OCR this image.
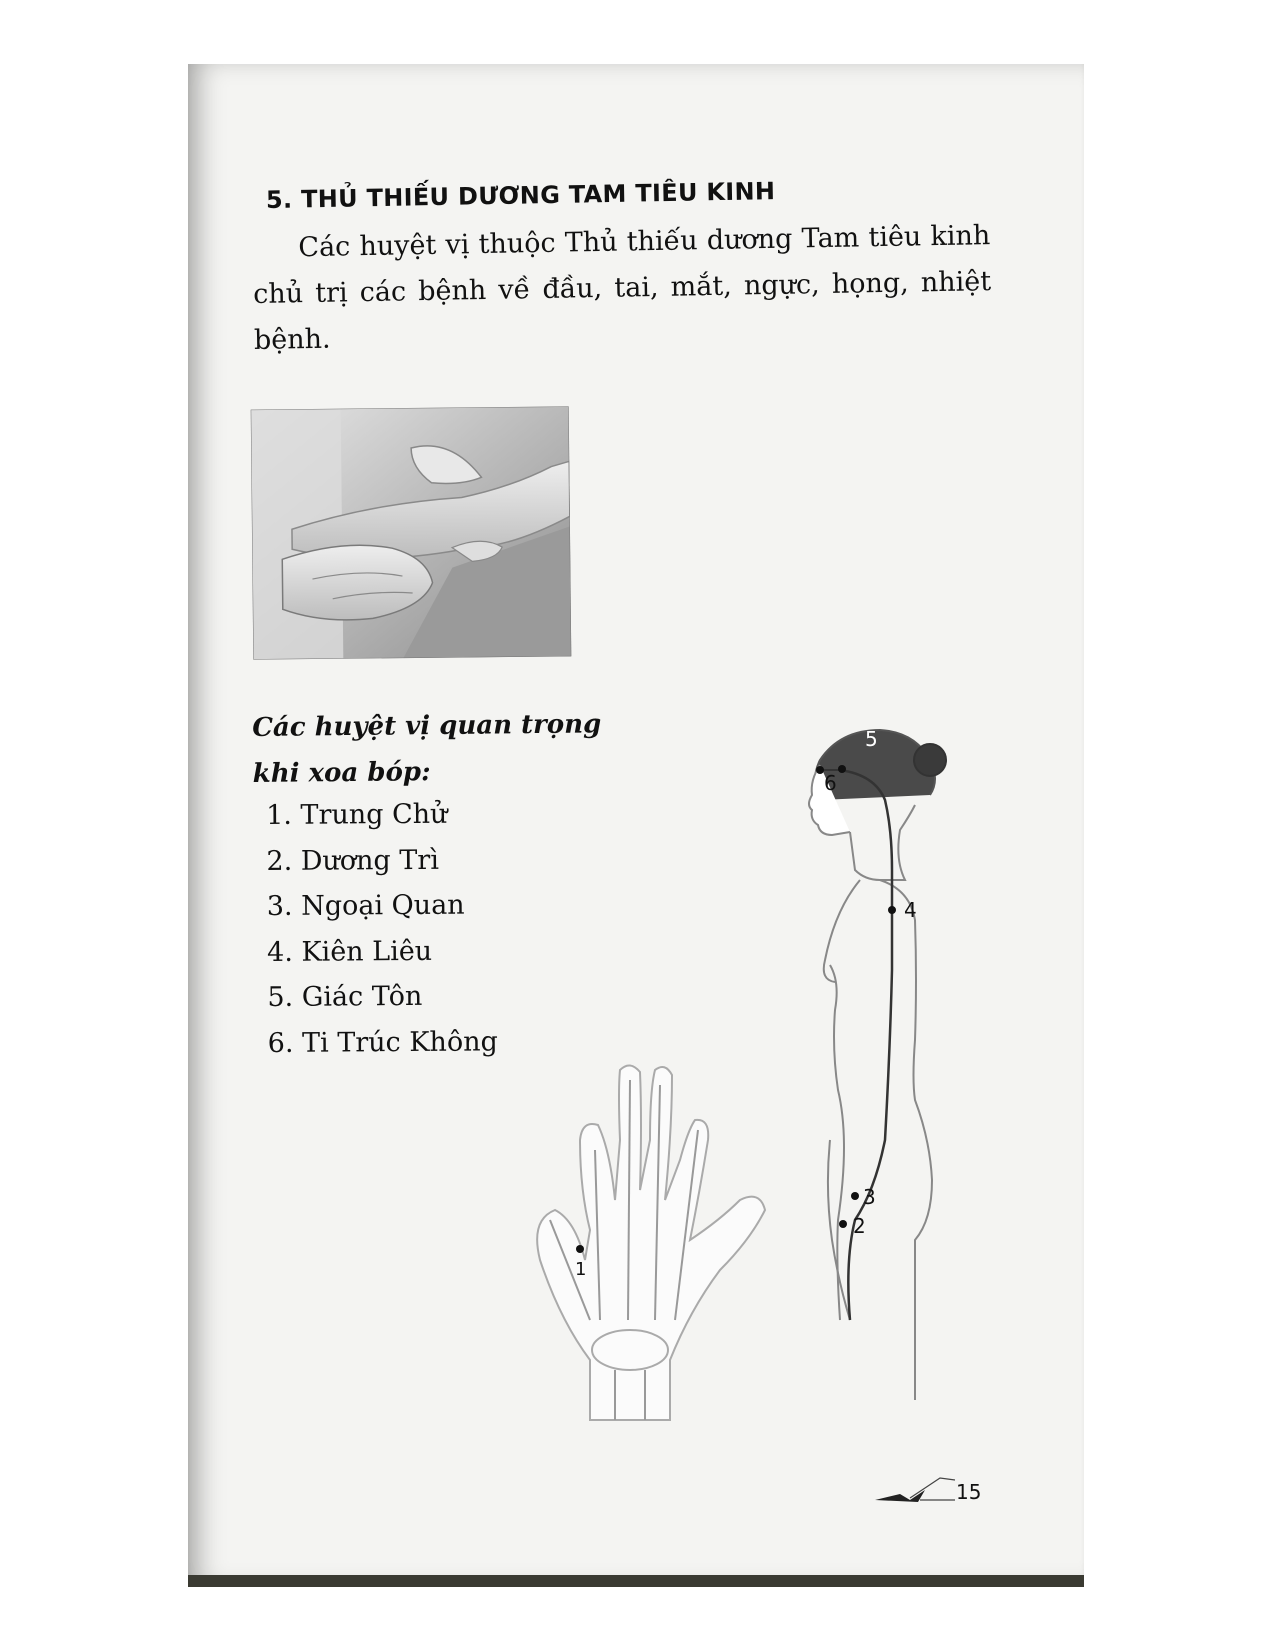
5. THỦ THIẾU DƯƠNG TAM TIÊU KINH

Các huyệt vị thuộc Thủ thiếu dương Tam tiêu kinh chủ trị các bệnh về đầu, tai, mắt, ngực, họng, nhiệt bệnh.

Các huyệt vị quan trọng
khi xoa bóp:
1. Trung Chử
2. Dương Trì
3. Ngoại Quan
4. Kiên Liêu
5. Giác Tôn
6. Ti Trúc Không
1
5
6
4
3
2
15
